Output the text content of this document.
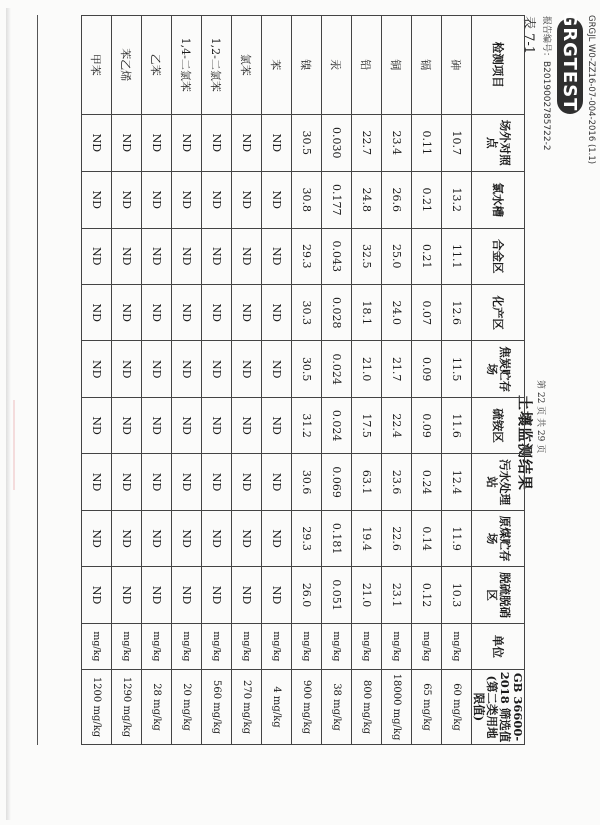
GRGJL W0-ZZ16-07-004-2016 (1.1)
GRGTEST
®
报告编号：B2019002785722-2
表 7-1
第 22 页 共 29 页
土壤监测结果
检测项目	场外对照点	氯水槽	合金区	化产区	焦炭贮存场	硫铵区	污水处理站	原煤贮存场	脱硫脱硝区	单位	GB 36600-2018 筛选值(第二类用地限值)
砷	10.7	13.2	11.1	12.6	11.5	11.6	12.4	11.9	10.3	mg/kg	60 mg/kg
镉	0.11	0.21	0.21	0.07	0.09	0.09	0.24	0.14	0.12	mg/kg	65 mg/kg
铜	23.4	26.6	25.0	24.0	21.7	22.4	23.6	22.6	23.1	mg/kg	18000 mg/kg
铅	22.7	24.8	32.5	18.1	21.0	17.5	63.1	19.4	21.0	mg/kg	800 mg/kg
汞	0.030	0.177	0.043	0.028	0.024	0.024	0.069	0.181	0.051	mg/kg	38 mg/kg
镍	30.5	30.8	29.3	30.3	30.5	31.2	30.6	29.3	26.0	mg/kg	900 mg/kg
苯	ND	ND	ND	ND	ND	ND	ND	ND	ND	mg/kg	4 mg/kg
氯苯	ND	ND	ND	ND	ND	ND	ND	ND	ND	mg/kg	270 mg/kg
1,2-二氯苯	ND	ND	ND	ND	ND	ND	ND	ND	ND	mg/kg	560 mg/kg
1,4-二氯苯	ND	ND	ND	ND	ND	ND	ND	ND	ND	mg/kg	20 mg/kg
乙苯	ND	ND	ND	ND	ND	ND	ND	ND	ND	mg/kg	28 mg/kg
苯乙烯	ND	ND	ND	ND	ND	ND	ND	ND	ND	mg/kg	1290 mg/kg
甲苯	ND	ND	ND	ND	ND	ND	ND	ND	ND	mg/kg	1200 mg/kg
